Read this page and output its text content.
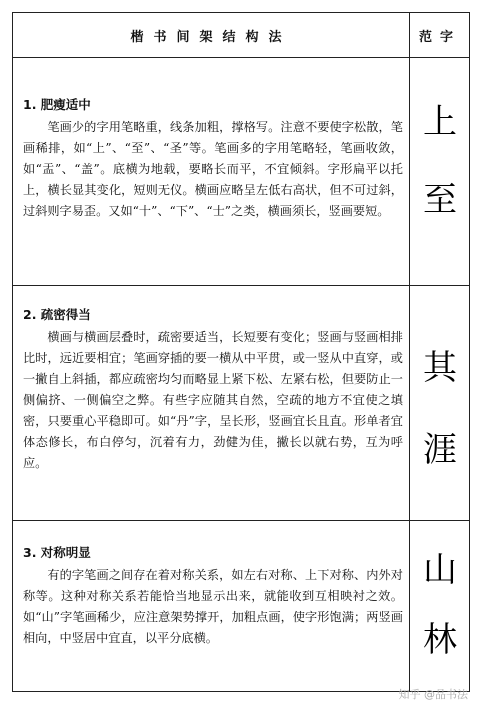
楷书间架结构法	范字
1. 肥瘦适中

笔画少的字用笔略重，线条加粗，撑格写。注意不要使字松散，笔画稀排，如“上”、“至”、“圣”等。笔画多的字用笔略轻，笔画收敛，如“盂”、“盖”。底横为地载，要略长而平，不宜倾斜。字形扁平以托上，横长显其变化，短则无仪。横画应略呈左低右高状，但不可过斜，过斜则字易歪。又如“十”、“下”、“士”之类，横画须长，竖画要短。

上
至
2. 疏密得当

横画与横画层叠时，疏密要适当，长短要有变化；竖画与竖画相排比时，远近要相宜；笔画穿插的要一横从中平贯，或一竖从中直穿，或一撇自上斜插，都应疏密均匀而略显上紧下松、左紧右松，但要防止一侧偏挤、一侧偏空之弊。有些字应随其自然，空疏的地方不宜使之填密，只要重心平稳即可。如“丹”字，呈长形，竖画宜长且直。形单者宜体态修长，布白停匀，沉着有力，劲健为佳，撇长以就右势，互为呼应。

其
涯
3. 对称明显

有的字笔画之间存在着对称关系，如左右对称、上下对称、内外对称等。这种对称关系若能恰当地显示出来，就能收到互相映衬之效。如“山”字笔画稀少，应注意架势撑开，加粗点画，使字形饱满；两竖画相向，中竖居中宜直，以平分底横。

山
林
知乎 @品书法
